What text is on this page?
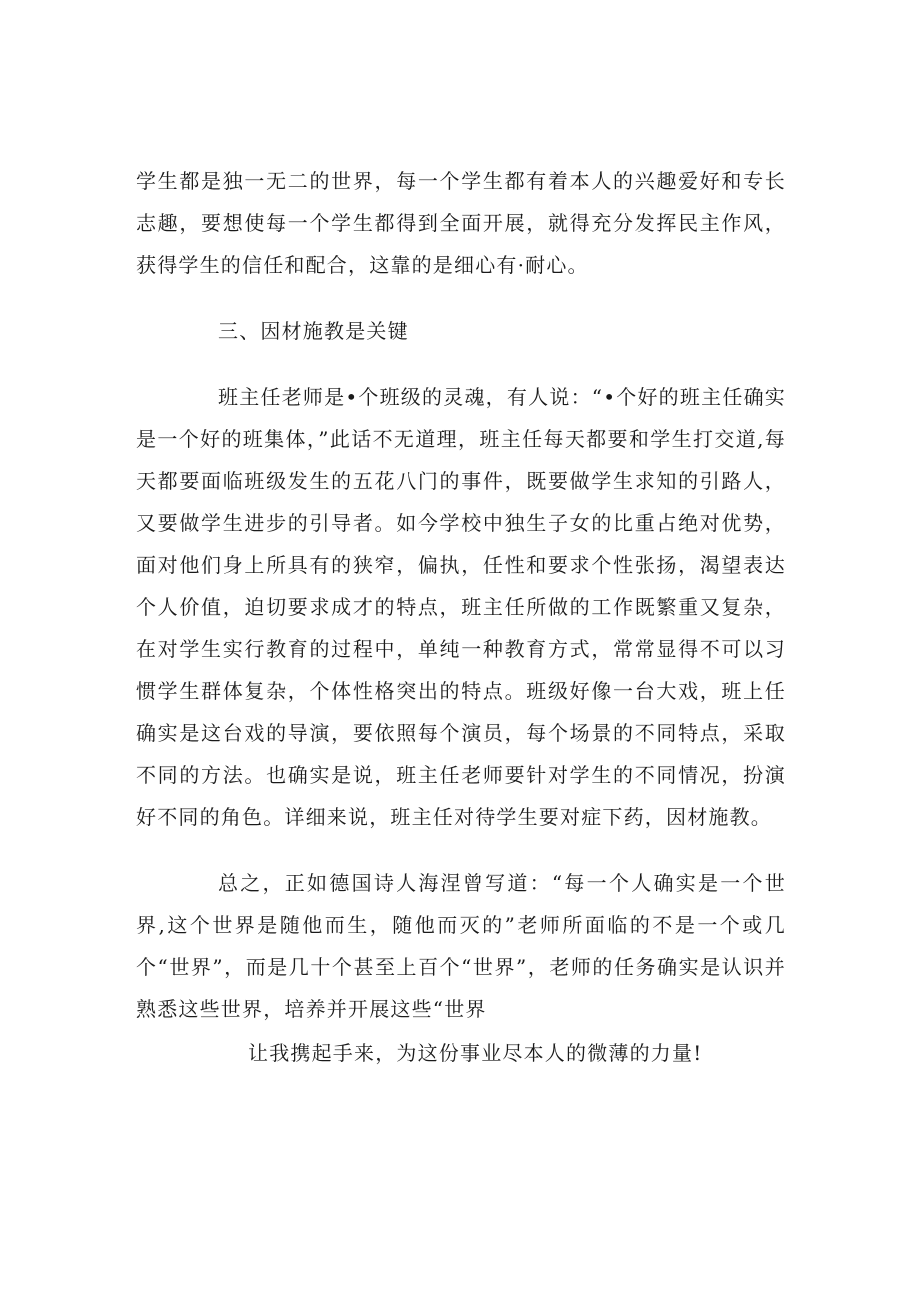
学生都是独一无二的世界，每一个学生都有着本人的兴趣爱好和专长志趣，要想使每一个学生都得到全面开展，就得充分发挥民主作风，获得学生的信任和配合，这靠的是细心有·耐心。

三、因材施教是关键

班主任老师是•个班级的灵魂，有人说：“•个好的班主任确实是一个好的班集体，”此话不无道理，班主任每天都要和学生打交道,每天都要面临班级发生的五花八门的事件，既要做学生求知的引路人，又要做学生进步的引导者。如今学校中独生子女的比重占绝对优势，面对他们身上所具有的狭窄，偏执，任性和要求个性张扬，渴望表达个人价值，迫切要求成才的特点，班主任所做的工作既繁重又复杂，在对学生实行教育的过程中，单纯一种教育方式，常常显得不可以习惯学生群体复杂，个体性格突出的特点。班级好像一台大戏，班上任确实是这台戏的导演，要依照每个演员，每个场景的不同特点，采取不同的方法。也确实是说，班主任老师要针对学生的不同情况，扮演好不同的角色。详细来说，班主任对待学生要对症下药，因材施教。

总之，正如德国诗人海涅曾写道：“每一个人确实是一个世界,这个世界是随他而生，随他而灭的”老师所面临的不是一个或几个“世界”，而是几十个甚至上百个“世界”，老师的任务确实是认识并熟悉这些世界，培养并开展这些“世界

让我携起手来，为这份事业尽本人的微薄的力量!
